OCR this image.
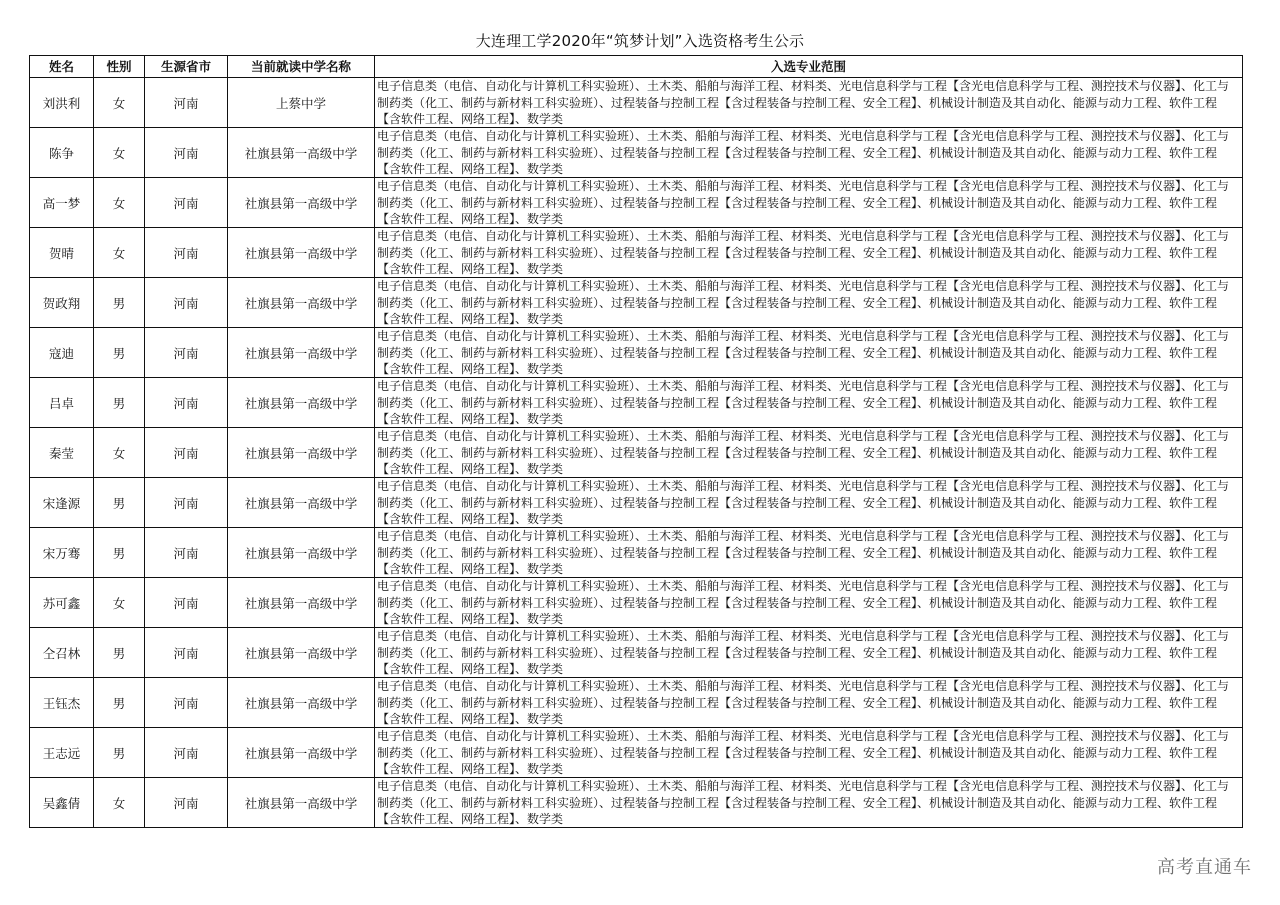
大连理工学2020年“筑梦计划”入选资格考生公示
姓名	性别	生源省市	当前就读中学名称	入选专业范围
刘洪利	女	河南	上蔡中学	电子信息类（电信、自动化与计算机工科实验班）、土木类、船舶与海洋工程、材料类、光电信息科学与工程【含光电信息科学与工程、测控技术与仪器】、化工与制药类（化工、制药与新材料工科实验班）、过程装备与控制工程【含过程装备与控制工程、安全工程】、机械设计制造及其自动化、能源与动力工程、软件工程【含软件工程、网络工程】、数学类

陈争	女	河南	社旗县第一高级中学	电子信息类（电信、自动化与计算机工科实验班）、土木类、船舶与海洋工程、材料类、光电信息科学与工程【含光电信息科学与工程、测控技术与仪器】、化工与制药类（化工、制药与新材料工科实验班）、过程装备与控制工程【含过程装备与控制工程、安全工程】、机械设计制造及其自动化、能源与动力工程、软件工程【含软件工程、网络工程】、数学类

高一梦	女	河南	社旗县第一高级中学	电子信息类（电信、自动化与计算机工科实验班）、土木类、船舶与海洋工程、材料类、光电信息科学与工程【含光电信息科学与工程、测控技术与仪器】、化工与制药类（化工、制药与新材料工科实验班）、过程装备与控制工程【含过程装备与控制工程、安全工程】、机械设计制造及其自动化、能源与动力工程、软件工程【含软件工程、网络工程】、数学类

贺晴	女	河南	社旗县第一高级中学	电子信息类（电信、自动化与计算机工科实验班）、土木类、船舶与海洋工程、材料类、光电信息科学与工程【含光电信息科学与工程、测控技术与仪器】、化工与制药类（化工、制药与新材料工科实验班）、过程装备与控制工程【含过程装备与控制工程、安全工程】、机械设计制造及其自动化、能源与动力工程、软件工程【含软件工程、网络工程】、数学类

贺政翔	男	河南	社旗县第一高级中学	电子信息类（电信、自动化与计算机工科实验班）、土木类、船舶与海洋工程、材料类、光电信息科学与工程【含光电信息科学与工程、测控技术与仪器】、化工与制药类（化工、制药与新材料工科实验班）、过程装备与控制工程【含过程装备与控制工程、安全工程】、机械设计制造及其自动化、能源与动力工程、软件工程【含软件工程、网络工程】、数学类

寇迪	男	河南	社旗县第一高级中学	电子信息类（电信、自动化与计算机工科实验班）、土木类、船舶与海洋工程、材料类、光电信息科学与工程【含光电信息科学与工程、测控技术与仪器】、化工与制药类（化工、制药与新材料工科实验班）、过程装备与控制工程【含过程装备与控制工程、安全工程】、机械设计制造及其自动化、能源与动力工程、软件工程【含软件工程、网络工程】、数学类

吕卓	男	河南	社旗县第一高级中学	电子信息类（电信、自动化与计算机工科实验班）、土木类、船舶与海洋工程、材料类、光电信息科学与工程【含光电信息科学与工程、测控技术与仪器】、化工与制药类（化工、制药与新材料工科实验班）、过程装备与控制工程【含过程装备与控制工程、安全工程】、机械设计制造及其自动化、能源与动力工程、软件工程【含软件工程、网络工程】、数学类

秦莹	女	河南	社旗县第一高级中学	电子信息类（电信、自动化与计算机工科实验班）、土木类、船舶与海洋工程、材料类、光电信息科学与工程【含光电信息科学与工程、测控技术与仪器】、化工与制药类（化工、制药与新材料工科实验班）、过程装备与控制工程【含过程装备与控制工程、安全工程】、机械设计制造及其自动化、能源与动力工程、软件工程【含软件工程、网络工程】、数学类

宋逢源	男	河南	社旗县第一高级中学	电子信息类（电信、自动化与计算机工科实验班）、土木类、船舶与海洋工程、材料类、光电信息科学与工程【含光电信息科学与工程、测控技术与仪器】、化工与制药类（化工、制药与新材料工科实验班）、过程装备与控制工程【含过程装备与控制工程、安全工程】、机械设计制造及其自动化、能源与动力工程、软件工程【含软件工程、网络工程】、数学类

宋万骞	男	河南	社旗县第一高级中学	电子信息类（电信、自动化与计算机工科实验班）、土木类、船舶与海洋工程、材料类、光电信息科学与工程【含光电信息科学与工程、测控技术与仪器】、化工与制药类（化工、制药与新材料工科实验班）、过程装备与控制工程【含过程装备与控制工程、安全工程】、机械设计制造及其自动化、能源与动力工程、软件工程【含软件工程、网络工程】、数学类

苏可鑫	女	河南	社旗县第一高级中学	电子信息类（电信、自动化与计算机工科实验班）、土木类、船舶与海洋工程、材料类、光电信息科学与工程【含光电信息科学与工程、测控技术与仪器】、化工与制药类（化工、制药与新材料工科实验班）、过程装备与控制工程【含过程装备与控制工程、安全工程】、机械设计制造及其自动化、能源与动力工程、软件工程【含软件工程、网络工程】、数学类

仝召林	男	河南	社旗县第一高级中学	电子信息类（电信、自动化与计算机工科实验班）、土木类、船舶与海洋工程、材料类、光电信息科学与工程【含光电信息科学与工程、测控技术与仪器】、化工与制药类（化工、制药与新材料工科实验班）、过程装备与控制工程【含过程装备与控制工程、安全工程】、机械设计制造及其自动化、能源与动力工程、软件工程【含软件工程、网络工程】、数学类

王钰杰	男	河南	社旗县第一高级中学	电子信息类（电信、自动化与计算机工科实验班）、土木类、船舶与海洋工程、材料类、光电信息科学与工程【含光电信息科学与工程、测控技术与仪器】、化工与制药类（化工、制药与新材料工科实验班）、过程装备与控制工程【含过程装备与控制工程、安全工程】、机械设计制造及其自动化、能源与动力工程、软件工程【含软件工程、网络工程】、数学类

王志远	男	河南	社旗县第一高级中学	电子信息类（电信、自动化与计算机工科实验班）、土木类、船舶与海洋工程、材料类、光电信息科学与工程【含光电信息科学与工程、测控技术与仪器】、化工与制药类（化工、制药与新材料工科实验班）、过程装备与控制工程【含过程装备与控制工程、安全工程】、机械设计制造及其自动化、能源与动力工程、软件工程【含软件工程、网络工程】、数学类

吴鑫倩	女	河南	社旗县第一高级中学	电子信息类（电信、自动化与计算机工科实验班）、土木类、船舶与海洋工程、材料类、光电信息科学与工程【含光电信息科学与工程、测控技术与仪器】、化工与制药类（化工、制药与新材料工科实验班）、过程装备与控制工程【含过程装备与控制工程、安全工程】、机械设计制造及其自动化、能源与动力工程、软件工程【含软件工程、网络工程】、数学类
高考直通车
